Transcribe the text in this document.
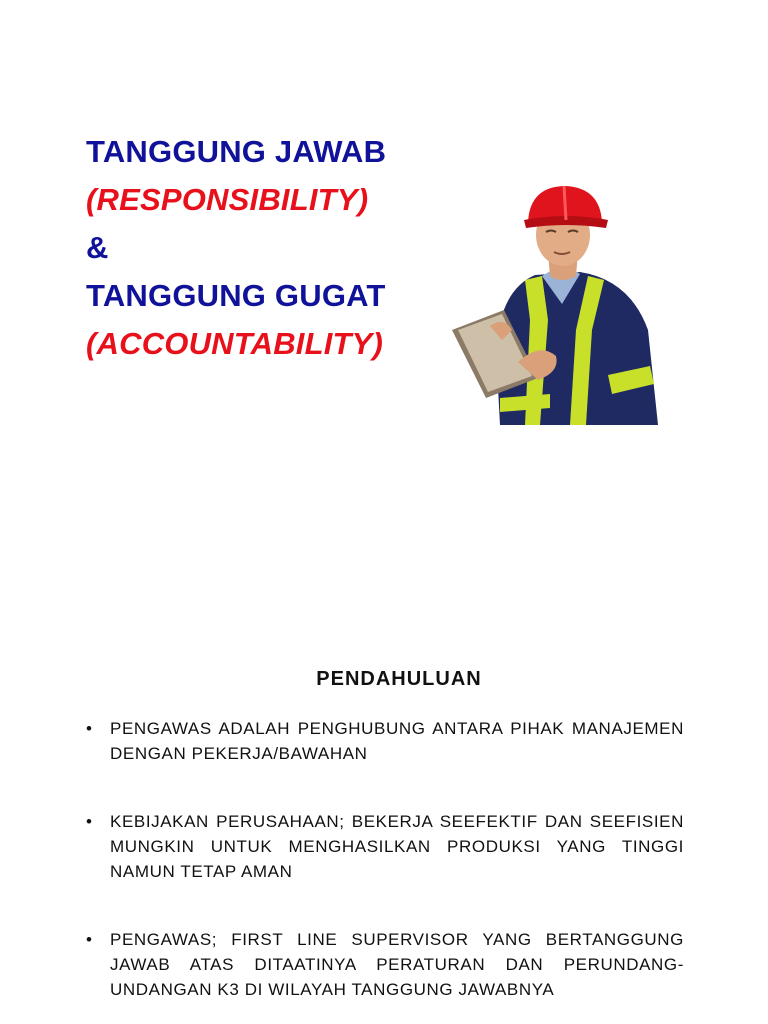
TANGGUNG JAWAB
(RESPONSIBILITY)
&
TANGGUNG GUGAT
(ACCOUNTABILITY)
PENDAHULUAN
• PENGAWAS ADALAH PENGHUBUNG ANTARA PIHAK MANAJEMEN DENGAN PEKERJA/BAWAHAN
• KEBIJAKAN PERUSAHAAN; BEKERJA SEEFEKTIF DAN SEEFISIEN MUNGKIN UNTUK MENGHASILKAN PRODUKSI YANG TINGGI NAMUN TETAP AMAN
• PENGAWAS; FIRST LINE SUPERVISOR YANG BERTANGGUNG JAWAB ATAS DITAATINYA PERATURAN DAN PERUNDANG-UNDANGAN K3 DI WILAYAH TANGGUNG JAWABNYA
